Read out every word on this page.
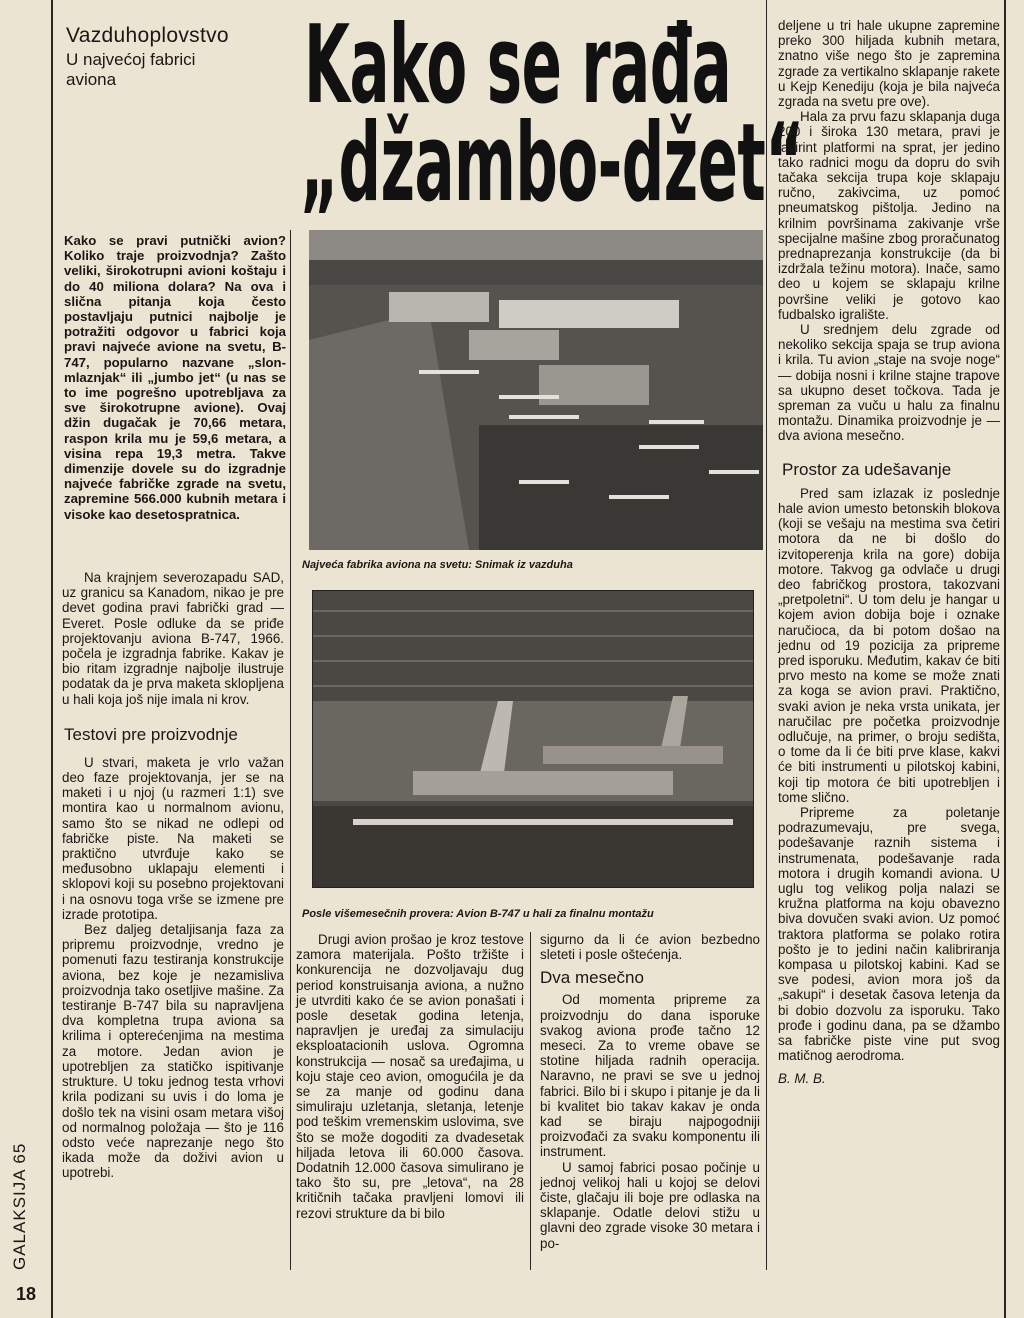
GALAKSIJA 65
18
Vazduhoplovstvo
U najvećoj fabrici aviona	Kako se rađa
„džambo-džet“

Kako se pravi putnički avion? Koliko traje proizvodnja? Zašto veliki, širokotrupni avioni koštaju i do 40 miliona dolara? Na ova i slična pitanja koja često postavljaju putnici najbolje je potražiti odgovor u fabrici koja pravi najveće avione na svetu, B-747, popularno nazvane „slon-mlaznjak“ ili „jumbo jet“ (u nas se to ime pogrešno upotrebljava za sve širokotrupne avione). Ovaj džin dugačak je 70,66 metara, raspon krila mu je 59,6 metara, a visina repa 19,3 metra. Takve dimenzije dovele su do izgradnje najveće fabričke zgrade na svetu, zapremine 566.000 kubnih metara i visoke kao desetospratnica.

Na krajnjem severozapadu SAD, uz granicu sa Kanadom, nikao je pre devet godina pravi fabrički grad — Everet. Posle odluke da se priđe projektovanju aviona B-747, 1966. počela je izgradnja fabrike. Kakav je bio ritam izgradnje najbolje ilustruje podatak da je prva maketa sklopljena u hali koja još nije imala ni krov.

Testovi pre proizvodnje

U stvari, maketa je vrlo važan deo faze projektovanja, jer se na maketi i u njoj (u razmeri 1:1) sve montira kao u normalnom avionu, samo što se nikad ne odlepi od fabričke piste. Na maketi se praktično utvrđuje kako se međusobno uklapaju elementi i sklopovi koji su posebno projektovani i na osnovu toga vrše se izmene pre izrade prototipa.

Bez daljeg detaljisanja faza za pripremu proizvodnje, vredno je pomenuti fazu testiranja konstrukcije aviona, bez koje je nezamisliva proizvodnja tako osetljive mašine. Za testiranje B-747 bila su napravljena dva kompletna trupa aviona sa krilima i opterećenjima na mestima za motore. Jedan avion je upotrebljen za statičko ispitivanje strukture. U toku jednog testa vrhovi krila podizani su uvis i do loma je došlo tek na visini osam metara višoj od normalnog položaja — što je 116 odsto veće naprezanje nego što ikada može da doživi avion u upotrebi.

Najveća fabrika aviona na svetu: Snimak iz vazduha

Posle višemesečnih provera: Avion B-747 u hali za finalnu montažu

Drugi avion prošao je kroz testove zamora materijala. Pošto tržište i konkurencija ne dozvoljavaju dug period konstruisanja aviona, a nužno je utvrditi kako će se avion ponašati i posle desetak godina letenja, napravljen je uređaj za simulaciju eksploatacionih uslova. Ogromna konstrukcija — nosač sa uređajima, u koju staje ceo avion, omogućila je da se za manje od godinu dana simuliraju uzletanja, sletanja, letenje pod teškim vremenskim uslovima, sve što se može dogoditi za dvadesetak hiljada letova ili 60.000 časova. Dodatnih 12.000 časova simulirano je tako što su, pre „letova“, na 28 kritičnih tačaka pravljeni lomovi ili rezovi strukture da bi bilo

sigurno da li će avion bezbedno sleteti i posle oštećenja.

Dva mesečno

Od momenta pripreme za proizvodnju do dana isporuke svakog aviona prođe tačno 12 meseci. Za to vreme obave se stotine hiljada radnih operacija. Naravno, ne pravi se sve u jednoj fabrici. Bilo bi i skupo i pitanje je da li bi kvalitet bio takav kakav je onda kad se biraju najpogodniji proizvođači za svaku komponentu ili instrument.

U samoj fabrici posao počinje u jednoj velikoj hali u kojoj se delovi čiste, glačaju ili boje pre odlaska na sklapanje. Odatle delovi stižu u glavni deo zgrade visoke 30 metara i po-

deljene u tri hale ukupne zapremine preko 300 hiljada kubnih metara, znatno više nego što je zapremina zgrade za vertikalno sklapanje rakete u Kejp Kenediju (koja je bila najveća zgrada na svetu pre ove).

Hala za prvu fazu sklapanja duga 200 i široka 130 metara, pravi je lavirint platformi na sprat, jer jedino tako radnici mogu da dopru do svih tačaka sekcija trupa koje sklapaju ručno, zakivcima, uz pomoć pneumatskog pištolja. Jedino na krilnim površinama zakivanje vrše specijalne mašine zbog proračunatog prednaprezanja konstrukcije (da bi izdržala težinu motora). Inače, samo deo u kojem se sklapaju krilne površine veliki je gotovo kao fudbalsko igralište.

U srednjem delu zgrade od nekoliko sekcija spaja se trup aviona i krila. Tu avion „staje na svoje noge“ — dobija nosni i krilne stajne trapove sa ukupno deset točkova. Tada je spreman za vuču u halu za finalnu montažu. Dinamika proizvodnje je — dva aviona mesečno.

Prostor za udešavanje

Pred sam izlazak iz poslednje hale avion umesto betonskih blokova (koji se vešaju na mestima sva četiri motora da ne bi došlo do izvitoperenja krila na gore) dobija motore. Takvog ga odvlače u drugi deo fabričkog prostora, takozvani „pretpoletni“. U tom delu je hangar u kojem avion dobija boje i oznake naručioca, da bi potom došao na jednu od 19 pozicija za pripreme pred isporuku. Međutim, kakav će biti prvo mesto na kome se može znati za koga se avion pravi. Praktično, svaki avion je neka vrsta unikata, jer naručilac pre početka proizvodnje odlučuje, na primer, o broju sedišta, o tome da li će biti prve klase, kakvi će biti instrumenti u pilotskoj kabini, koji tip motora će biti upotrebljen i tome slično.

Pripreme za poletanje podrazumevaju, pre svega, podešavanje raznih sistema i instrumenata, podešavanje rada motora i drugih komandi aviona. U uglu tog velikog polja nalazi se kružna platforma na koju obavezno biva dovučen svaki avion. Uz pomoć traktora platforma se polako rotira pošto je to jedini način kalibriranja kompasa u pilotskoj kabini. Kad se sve podesi, avion mora još da „sakupi“ i desetak časova letenja da bi dobio dozvolu za isporuku. Tako prođe i godinu dana, pa se džambo sa fabričke piste vine put svog matičnog aerodroma.

B. M. B.
